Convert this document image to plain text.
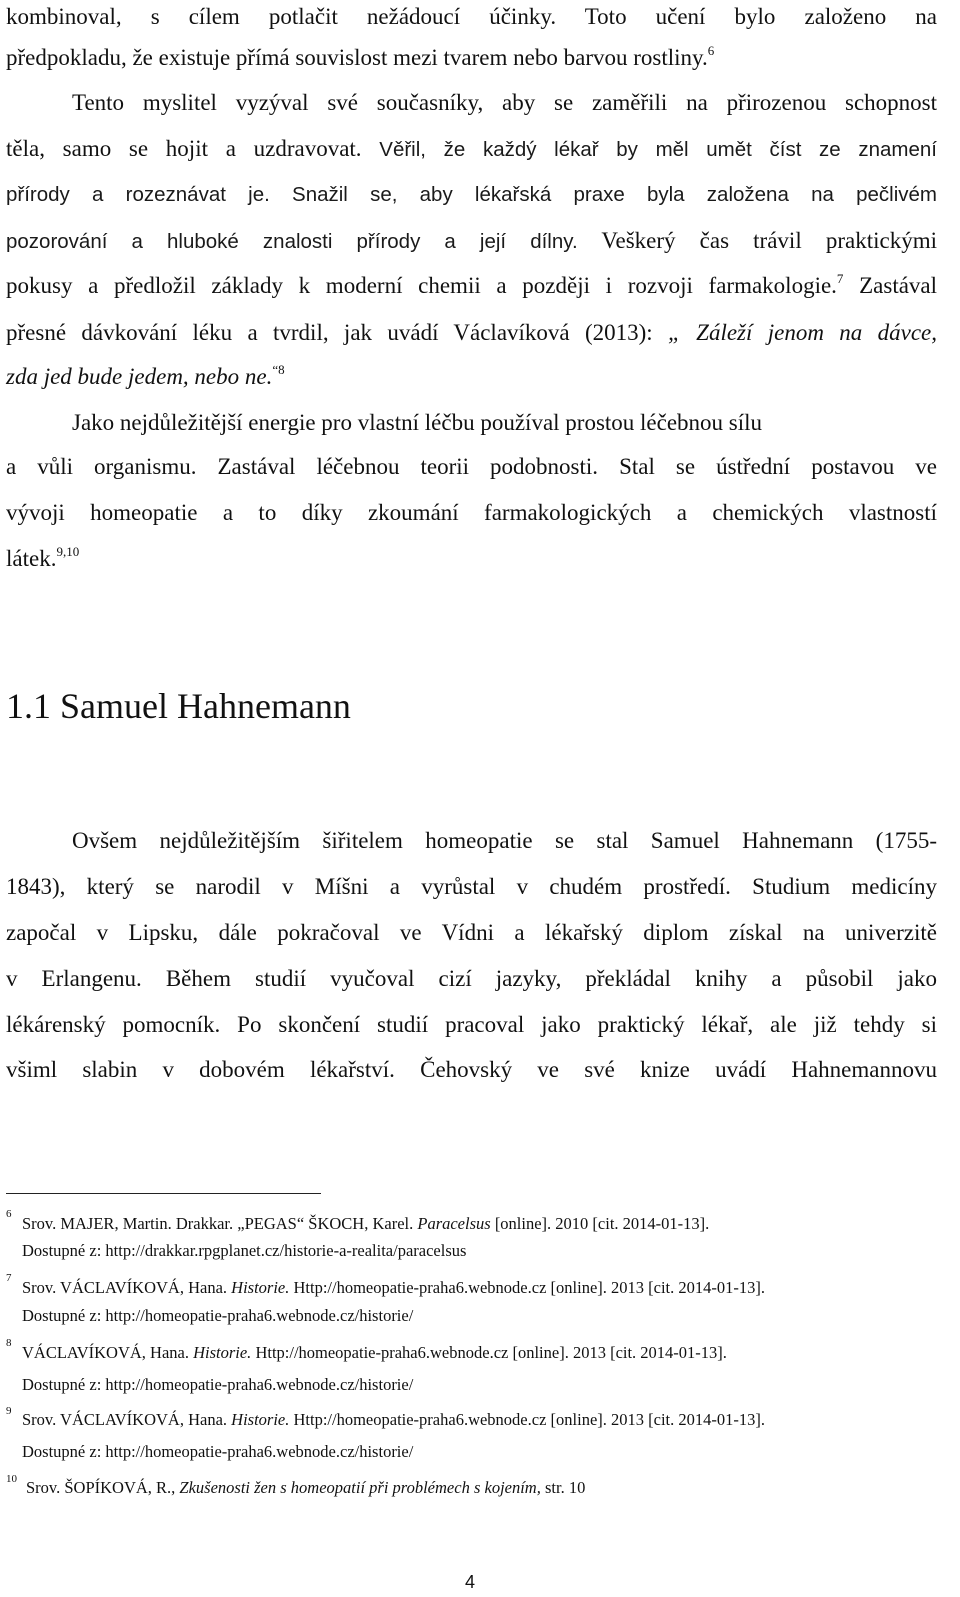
kombinoval, s cílem potlačit nežádoucí účinky. Toto učení bylo založeno na
předpokladu, že existuje přímá souvislost mezi tvarem nebo barvou rostliny.$^6$
Tento myslitel vyzýval své současníky, aby se zaměřili na přirozenou schopnost
těla, samo se hojit a uzdravovat. Věřil, že každý lékař by měl umět číst ze znamení
přírody a rozeznávat je. Snažil se, aby lékařská praxe byla založena na pečlivém
pozorování a hluboké znalosti přírody a její dílny. Veškerý čas trávil praktickými
pokusy a předložil základy k moderní chemii a později i rozvoji farmakologie.$^7$ Zastával
přesné dávkování léku a tvrdil, jak uvádí Václavíková (2013): „ Záleží jenom na dávce,
zda jed bude jedem, nebo ne.$^{“8}$
Jako nejdůležitější energie pro vlastní léčbu používal prostou léčebnou sílu
a vůli organismu. Zastával léčebnou teorii podobnosti. Stal se ústřední postavou ve
vývoji homeopatie a to díky zkoumání farmakologických a chemických vlastností
látek.$^{9,10}$
1.1 Samuel Hahnemann
Ovšem nejdůležitějším šiřitelem homeopatie se stal Samuel Hahnemann (1755-
1843), který se narodil v Míšni a vyrůstal v chudém prostředí. Studium medicíny
započal v Lipsku, dále pokračoval ve Vídni a lékařský diplom získal na univerzitě
v Erlangenu. Během studií vyučoval cizí jazyky, překládal knihy a působil jako
lékárenský pomocník. Po skončení studií pracoval jako praktický lékař, ale již tehdy si
všiml slabin v dobovém lékařství. Čehovský ve své knize uvádí Hahnemannovu
6 Srov. MAJER, Martin. Drakkar. „PEGAS“ ŠKOCH, Karel. Paracelsus [online]. 2010 [cit. 2014-01-13].
Dostupné z: http://drakkar.rpgplanet.cz/historie-a-realita/paracelsus
7 Srov. VÁCLAVÍKOVÁ, Hana. Historie. Http://homeopatie-praha6.webnode.cz [online]. 2013 [cit. 2014-01-13].
Dostupné z: http://homeopatie-praha6.webnode.cz/historie/
8 VÁCLAVÍKOVÁ, Hana. Historie. Http://homeopatie-praha6.webnode.cz [online]. 2013 [cit. 2014-01-13].
Dostupné z: http://homeopatie-praha6.webnode.cz/historie/
9 Srov. VÁCLAVÍKOVÁ, Hana. Historie. Http://homeopatie-praha6.webnode.cz [online]. 2013 [cit. 2014-01-13].
Dostupné z: http://homeopatie-praha6.webnode.cz/historie/
10 Srov. ŠOPÍKOVÁ, R., Zkušenosti žen s homeopatií při problémech s kojením, str. 10
4
